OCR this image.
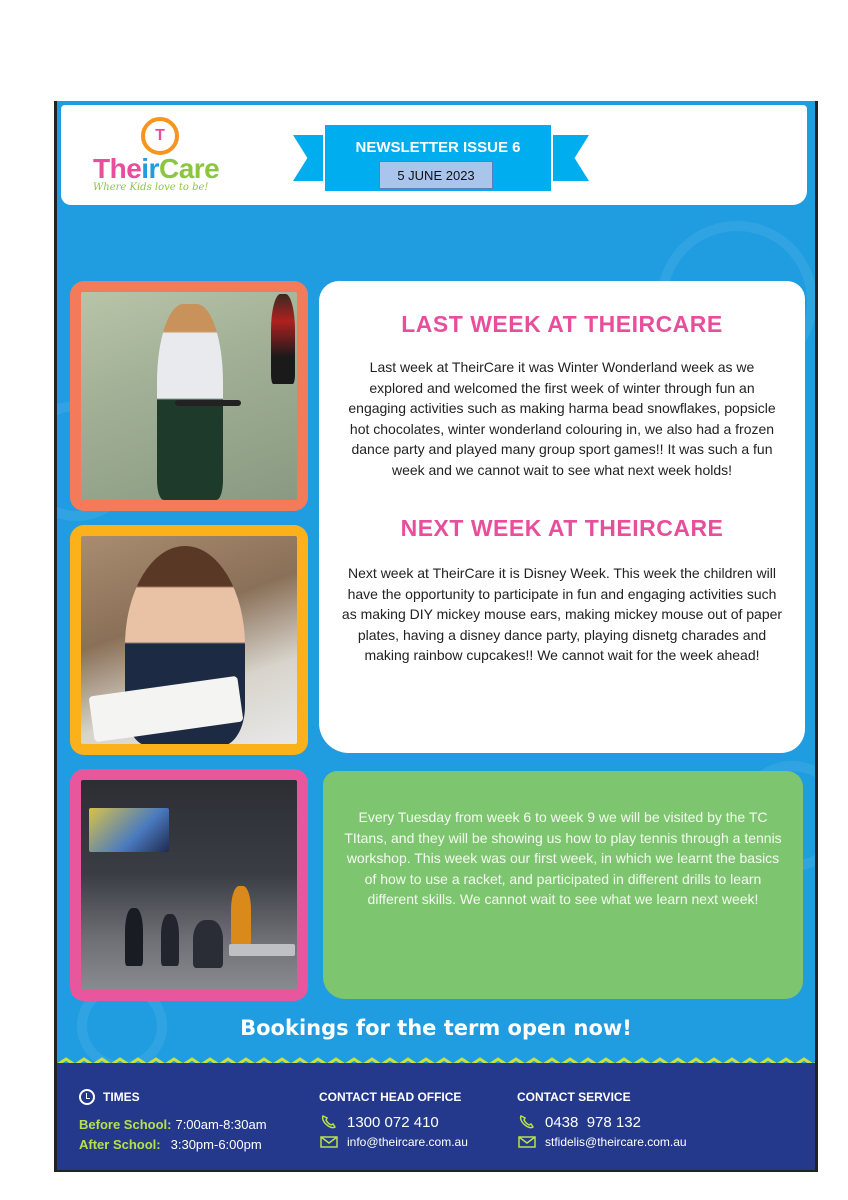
T
TheirCare
Where Kids love to be!
NEWSLETTER ISSUE 6
5 JUNE 2023
LAST WEEK AT THEIRCARE
Last week at TheirCare it was Winter Wonderland week as we explored and welcomed the first week of winter through fun an engaging activities such as making harma bead snowflakes, popsicle hot chocolates, winter wonderland colouring in, we also had a frozen dance party and played many group sport games!! It was such a fun week and we cannot wait to see what next week holds!
NEXT WEEK AT THEIRCARE
Next week at TheirCare it is Disney Week. This week the children will have the opportunity to participate in fun and engaging activities such as making DIY mickey mouse ears, making mickey mouse out of paper plates, having a disney dance party, playing disnetg charades and making rainbow cupcakes!! We cannot wait for the week ahead!
Every Tuesday from week 6 to week 9 we will be visited by the TC TItans, and they will be showing us how to play tennis through a tennis workshop. This week was our first week, in which we learnt the basics of how to use a racket, and participated in different drills to learn different skills. We cannot wait to see what we learn next week!
Bookings for the term open now!
TIMES
Before School: 7:00am-8:30am
After School: 3:30pm-6:00pm
CONTACT HEAD OFFICE
1300 072 410
info@theircare.com.au
CONTACT SERVICE
0438  978 132
stfidelis@theircare.com.au
